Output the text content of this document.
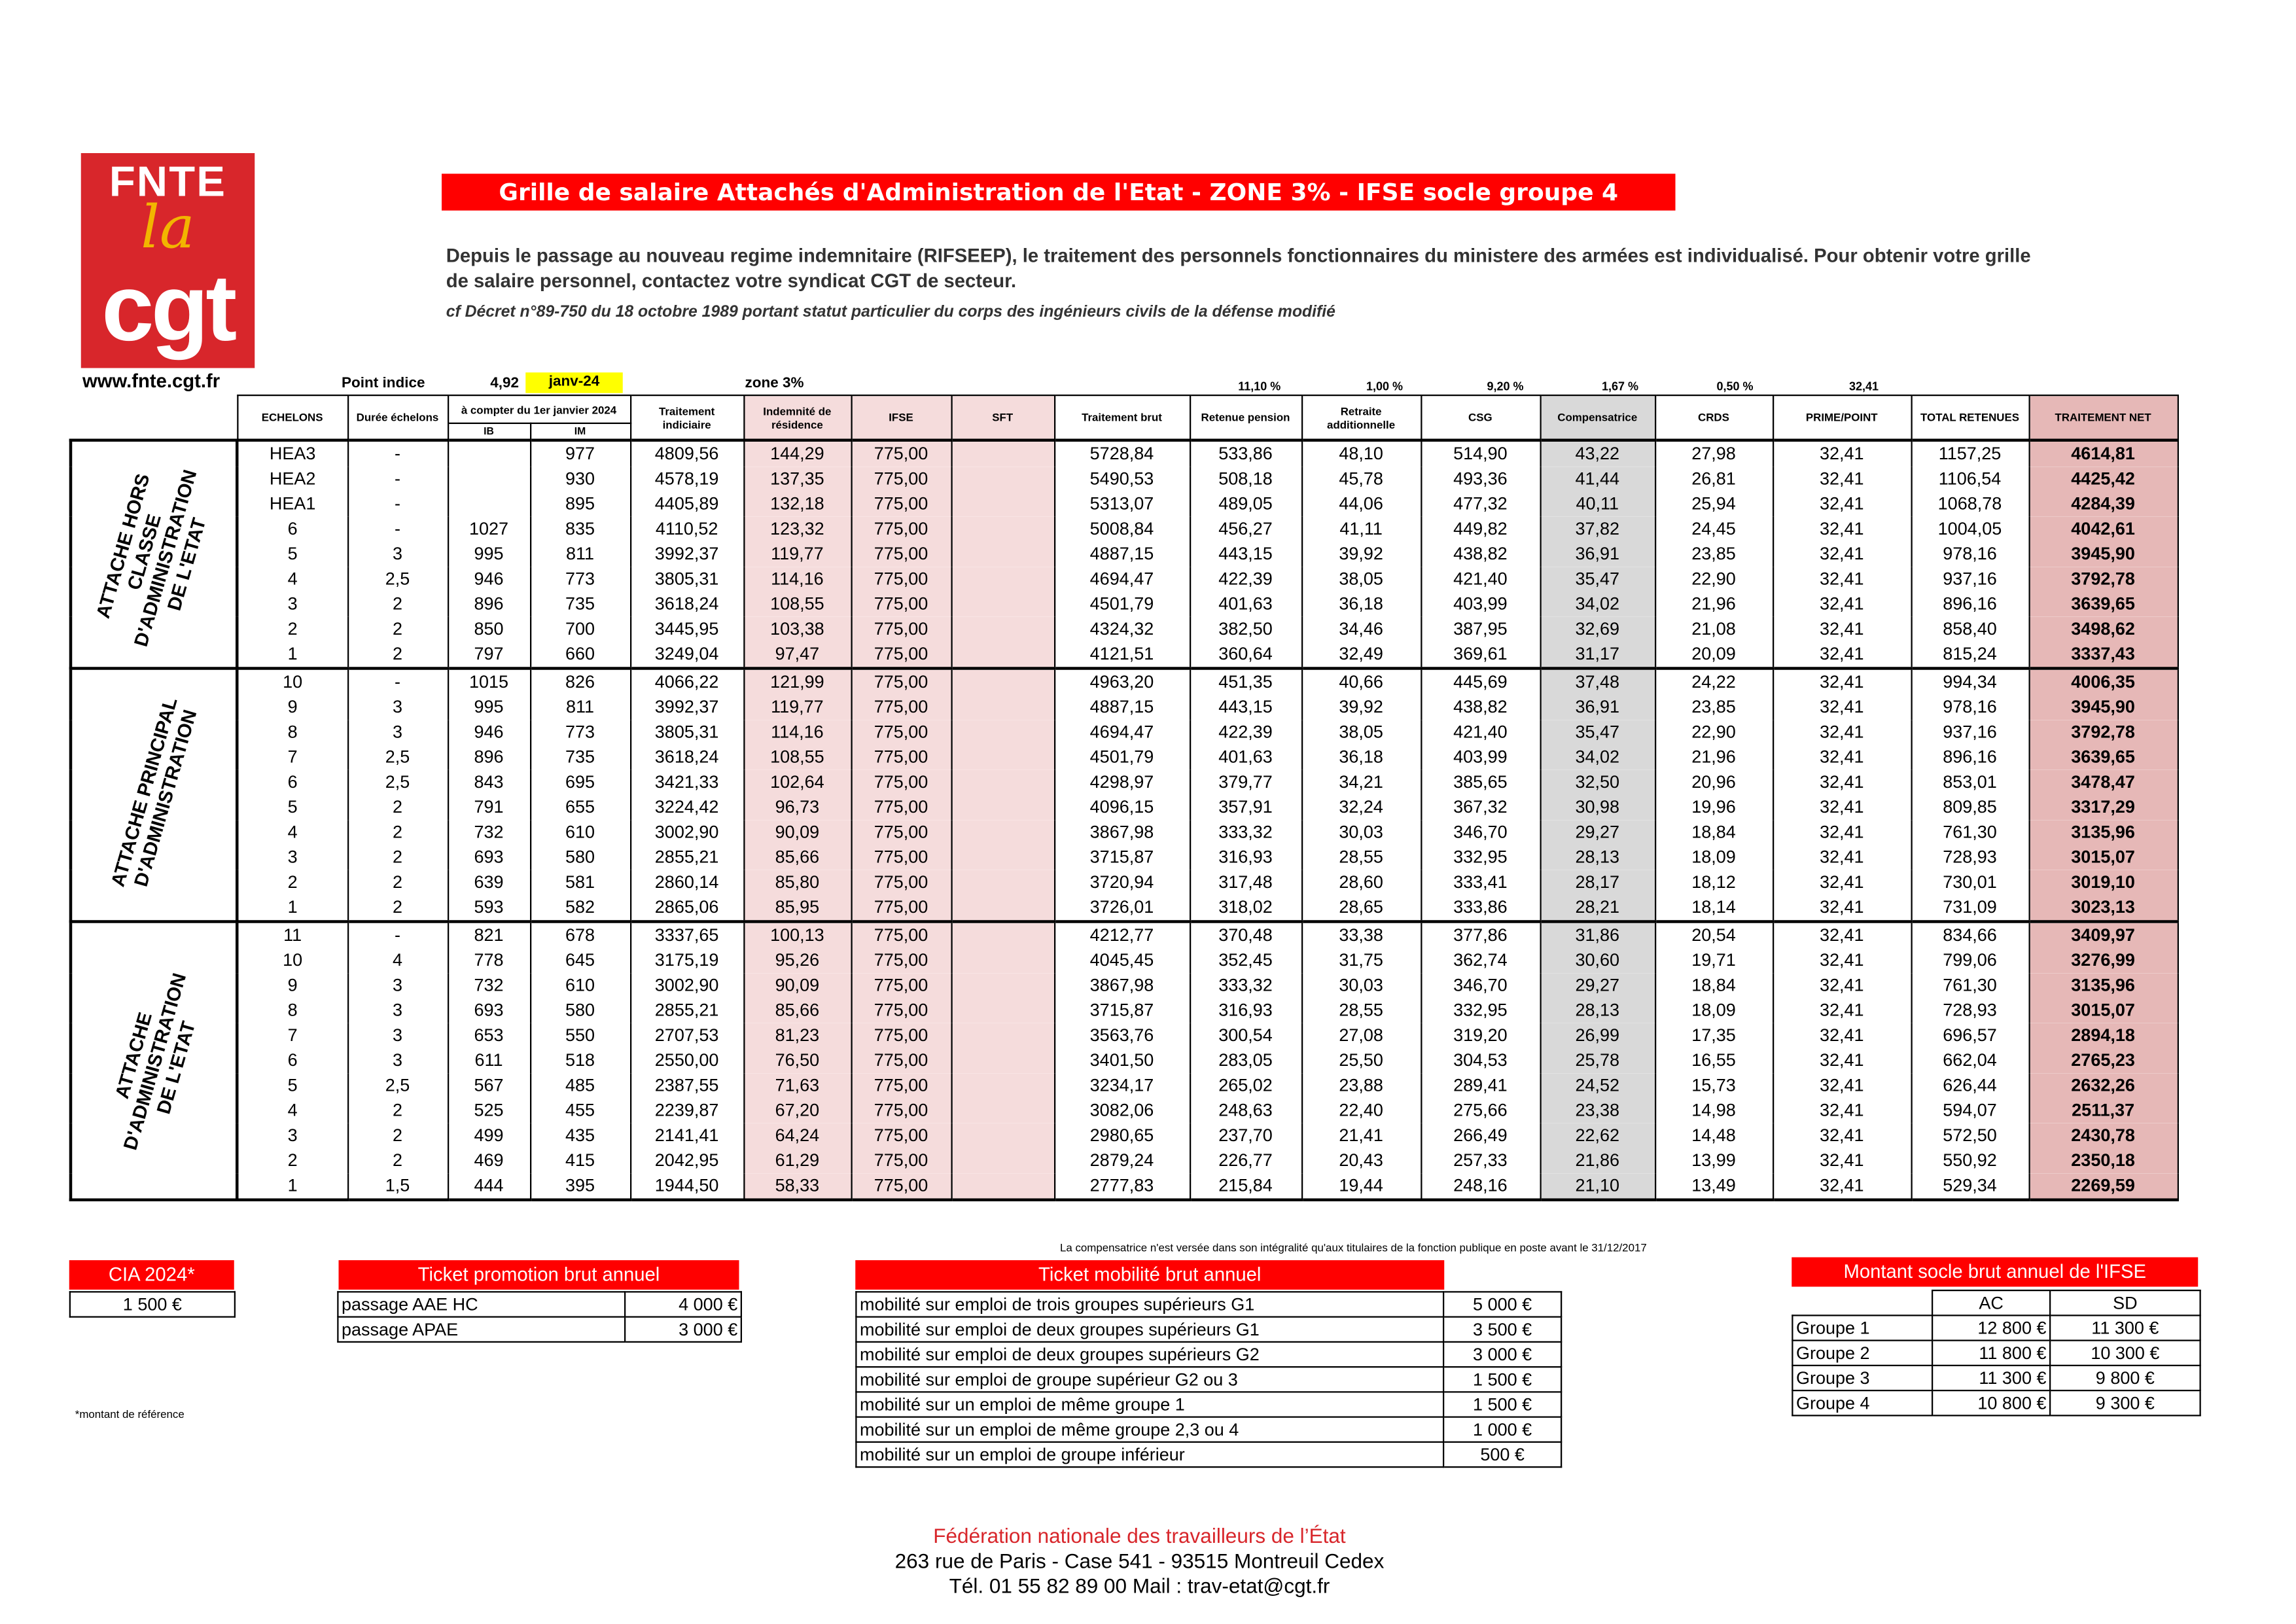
FNTE
la
cgt
www.fnte.cgt.fr
Grille de salaire Attachés d'Administration de l'Etat - ZONE 3% - IFSE socle groupe 4
Depuis le passage au nouveau regime indemnitaire (RIFSEEP), le traitement des personnels fonctionnaires du ministere des armées est individualisé. Pour obtenir votre grille de salaire personnel, contactez votre syndicat CGT de secteur.
cf Décret n°89-750 du 18 octobre 1989 portant statut particulier du corps des ingénieurs civils de la défense modifié
Point indice	4,92	janv-24	zone 3%	11,10 %	1,00 %	9,20 %	1,67 %	0,50 %	32,41
	ECHELONS	Durée échelons	à compter du 1er janvier 2024		Traitement indiciaire	Indemnité de résidence	IFSE	SFT	Traitement brut	Retenue pension	Retraite additionnelle	CSG	Compensatrice	CRDS	PRIME/POINT	TOTAL RETENUES	TRAITEMENT NET
			IB	IM													

ATTACHE HORS
CLASSE
D'ADMINISTRATION
DE L'ETAT	HEA3	-		977	4809,56	144,29	775,00		5728,84	533,86	48,10	514,90	43,22	27,98	32,41	1157,25	4614,81
	HEA2	-		930	4578,19	137,35	775,00		5490,53	508,18	45,78	493,36	41,44	26,81	32,41	1106,54	4425,42
	HEA1	-		895	4405,89	132,18	775,00		5313,07	489,05	44,06	477,32	40,11	25,94	32,41	1068,78	4284,39
	6	-	1027	835	4110,52	123,32	775,00		5008,84	456,27	41,11	449,82	37,82	24,45	32,41	1004,05	4042,61
	5	3	995	811	3992,37	119,77	775,00		4887,15	443,15	39,92	438,82	36,91	23,85	32,41	978,16	3945,90
	4	2,5	946	773	3805,31	114,16	775,00		4694,47	422,39	38,05	421,40	35,47	22,90	32,41	937,16	3792,78
	3	2	896	735	3618,24	108,55	775,00		4501,79	401,63	36,18	403,99	34,02	21,96	32,41	896,16	3639,65
	2	2	850	700	3445,95	103,38	775,00		4324,32	382,50	34,46	387,95	32,69	21,08	32,41	858,40	3498,62
	1	2	797	660	3249,04	97,47	775,00		4121,51	360,64	32,49	369,61	31,17	20,09	32,41	815,24	3337,43

ATTACHE PRINCIPAL
D'ADMINISTRATION	10	-	1015	826	4066,22	121,99	775,00		4963,20	451,35	40,66	445,69	37,48	24,22	32,41	994,34	4006,35
	9	3	995	811	3992,37	119,77	775,00		4887,15	443,15	39,92	438,82	36,91	23,85	32,41	978,16	3945,90
	8	3	946	773	3805,31	114,16	775,00		4694,47	422,39	38,05	421,40	35,47	22,90	32,41	937,16	3792,78
	7	2,5	896	735	3618,24	108,55	775,00		4501,79	401,63	36,18	403,99	34,02	21,96	32,41	896,16	3639,65
	6	2,5	843	695	3421,33	102,64	775,00		4298,97	379,77	34,21	385,65	32,50	20,96	32,41	853,01	3478,47
	5	2	791	655	3224,42	96,73	775,00		4096,15	357,91	32,24	367,32	30,98	19,96	32,41	809,85	3317,29
	4	2	732	610	3002,90	90,09	775,00		3867,98	333,32	30,03	346,70	29,27	18,84	32,41	761,30	3135,96
	3	2	693	580	2855,21	85,66	775,00		3715,87	316,93	28,55	332,95	28,13	18,09	32,41	728,93	3015,07
	2	2	639	581	2860,14	85,80	775,00		3720,94	317,48	28,60	333,41	28,17	18,12	32,41	730,01	3019,10
	1	2	593	582	2865,06	85,95	775,00		3726,01	318,02	28,65	333,86	28,21	18,14	32,41	731,09	3023,13

ATTACHE
D'ADMINISTRATION
DE L'ETAT	11	-	821	678	3337,65	100,13	775,00		4212,77	370,48	33,38	377,86	31,86	20,54	32,41	834,66	3409,97
	10	4	778	645	3175,19	95,26	775,00		4045,45	352,45	31,75	362,74	30,60	19,71	32,41	799,06	3276,99
	9	3	732	610	3002,90	90,09	775,00		3867,98	333,32	30,03	346,70	29,27	18,84	32,41	761,30	3135,96
	8	3	693	580	2855,21	85,66	775,00		3715,87	316,93	28,55	332,95	28,13	18,09	32,41	728,93	3015,07
	7	3	653	550	2707,53	81,23	775,00		3563,76	300,54	27,08	319,20	26,99	17,35	32,41	696,57	2894,18
	6	3	611	518	2550,00	76,50	775,00		3401,50	283,05	25,50	304,53	25,78	16,55	32,41	662,04	2765,23
	5	2,5	567	485	2387,55	71,63	775,00		3234,17	265,02	23,88	289,41	24,52	15,73	32,41	626,44	2632,26
	4	2	525	455	2239,87	67,20	775,00		3082,06	248,63	22,40	275,66	23,38	14,98	32,41	594,07	2511,37
	3	2	499	435	2141,41	64,24	775,00		2980,65	237,70	21,41	266,49	22,62	14,48	32,41	572,50	2430,78
	2	2	469	415	2042,95	61,29	775,00		2879,24	226,77	20,43	257,33	21,86	13,99	32,41	550,92	2350,18
	1	1,5	444	395	1944,50	58,33	775,00		2777,83	215,84	19,44	248,16	21,10	13,49	32,41	529,34	2269,59
La compensatrice n'est versée dans son intégralité qu'aux titulaires de la fonction publique en poste avant le 31/12/2017
CIA 2024*
1 500 €
*montant de référence
Ticket promotion brut annuel
passage AAE HC	4 000 €
passage APAE	3 000 €
Ticket mobilité brut annuel
mobilité sur emploi de trois groupes supérieurs G1	5 000 €
mobilité sur emploi de deux groupes supérieurs G1	3 500 €
mobilité sur emploi de deux groupes supérieurs G2	3 000 €
mobilité sur emploi de groupe supérieur G2 ou 3	1 500 €
mobilité sur un emploi de même groupe 1	1 500 €
mobilité sur un emploi de même groupe 2,3 ou 4	1 000 €
mobilité sur un emploi de groupe inférieur	500 €
Montant socle brut annuel de l'IFSE
	AC	SD
Groupe 1	12 800 €	11 300 €
Groupe 2	11 800 €	10 300 €
Groupe 3	11 300 €	9 800 €
Groupe 4	10 800 €	9 300 €
Fédération nationale des travailleurs de l’État
263 rue de Paris - Case 541 - 93515 Montreuil Cedex
Tél. 01 55 82 89 00 Mail : trav-etat@cgt.fr
